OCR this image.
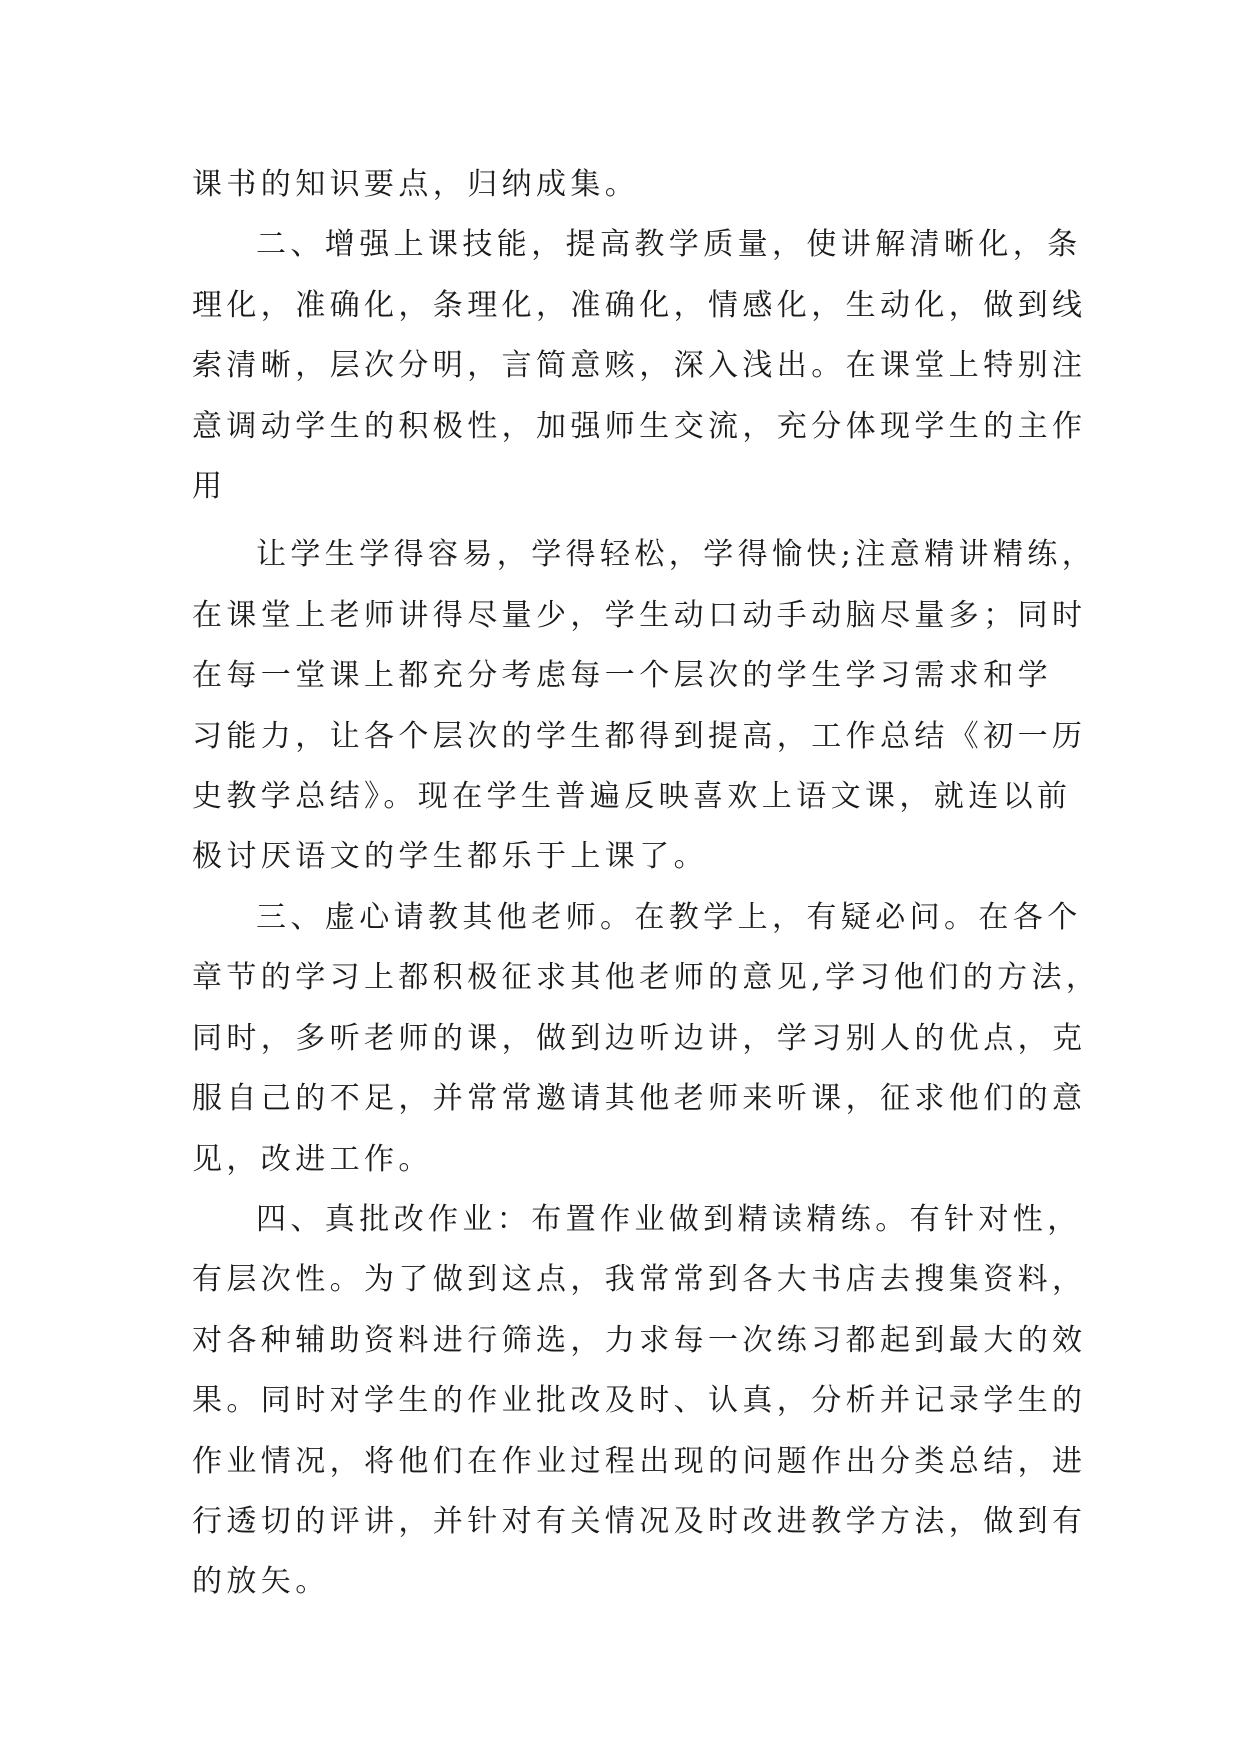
课书的知识要点，归纳成集。

二、增强上课技能，提高教学质量，使讲解清晰化，条
理化，准确化，条理化，准确化，情感化，生动化，做到线
索清晰，层次分明，言简意赅，深入浅出。在课堂上特别注
意调动学生的积极性，加强师生交流，充分体现学生的主作
用

让学生学得容易，学得轻松，学得愉快;注意精讲精练，
在课堂上老师讲得尽量少，学生动口动手动脑尽量多；同时
在每一堂课上都充分考虑每一个层次的学生学习需求和学
习能力，让各个层次的学生都得到提高，工作总结《初一历
史教学总结》。现在学生普遍反映喜欢上语文课，就连以前
极讨厌语文的学生都乐于上课了。

三、虚心请教其他老师。在教学上，有疑必问。在各个
章节的学习上都积极征求其他老师的意见,学习他们的方法，
同时，多听老师的课，做到边听边讲，学习别人的优点，克
服自己的不足，并常常邀请其他老师来听课，征求他们的意
见，改进工作。

四、真批改作业：布置作业做到精读精练。有针对性，
有层次性。为了做到这点，我常常到各大书店去搜集资料，
对各种辅助资料进行筛选，力求每一次练习都起到最大的效
果。同时对学生的作业批改及时、认真，分析并记录学生的
作业情况，将他们在作业过程出现的问题作出分类总结，进
行透切的评讲，并针对有关情况及时改进教学方法，做到有
的放矢。
